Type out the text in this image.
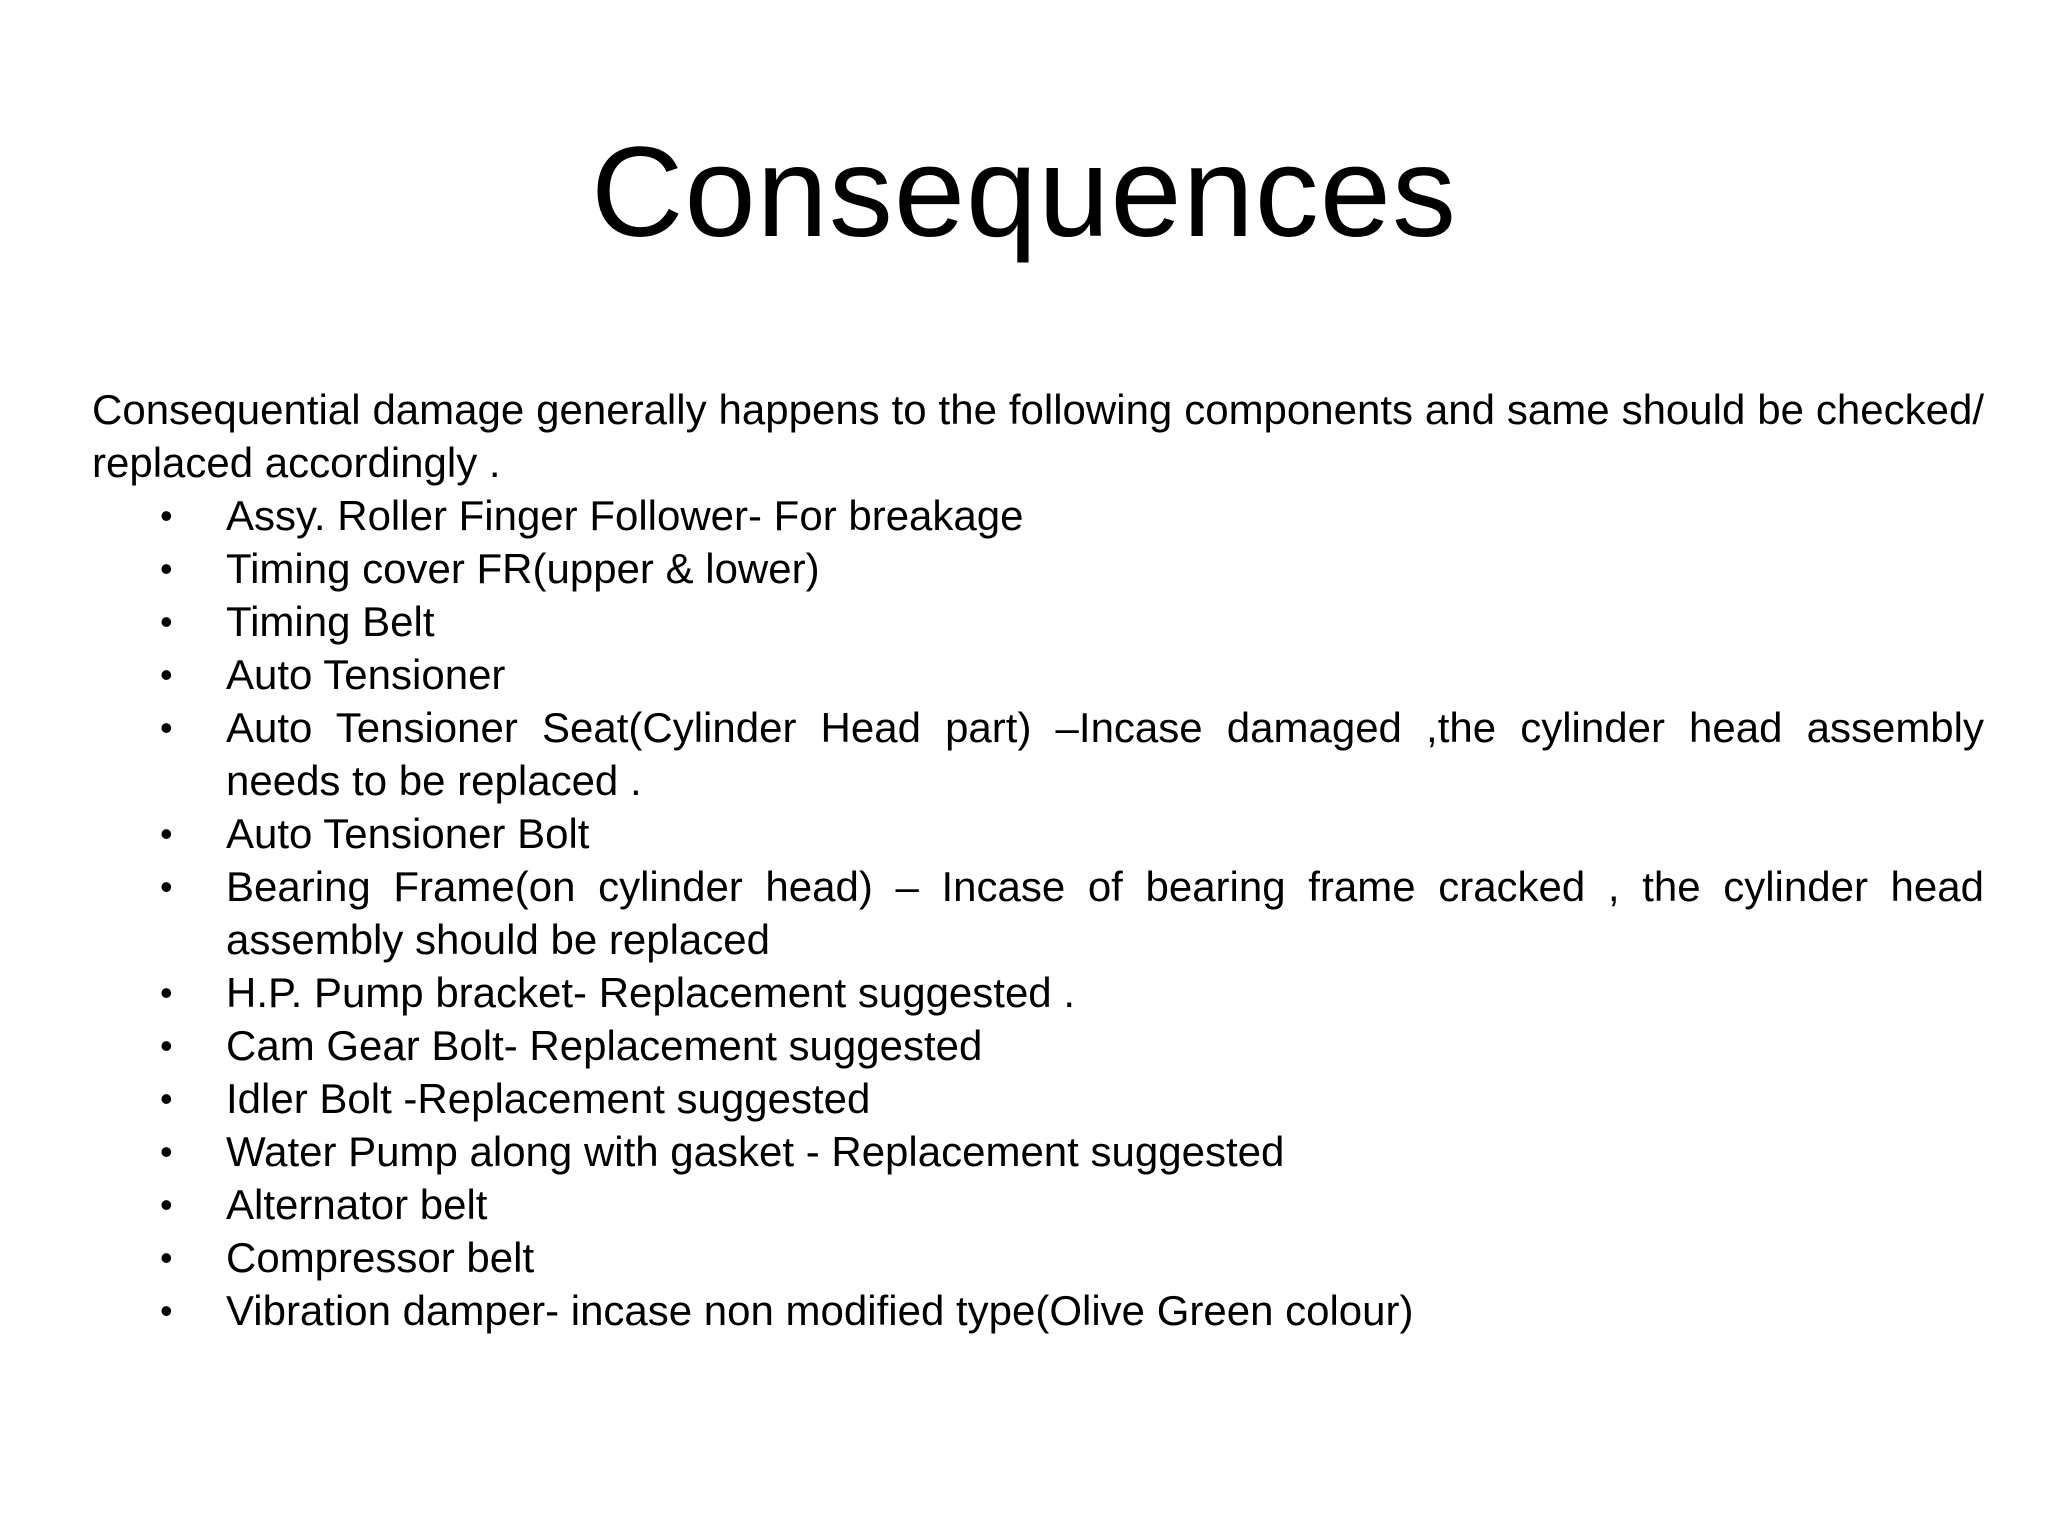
Consequences

Consequential damage generally happens to the following components and same should be checked/ replaced accordingly .

•	Assy. Roller Finger Follower- For breakage
•	Timing cover FR(upper & lower)
•	Timing Belt
•	Auto Tensioner
•	Auto Tensioner Seat(Cylinder Head part) –Incase damaged ,the cylinder head assembly needs to be replaced .
•	Auto Tensioner Bolt
•	Bearing Frame(on cylinder head) – Incase of bearing frame cracked , the cylinder head assembly should be replaced
•	H.P. Pump bracket- Replacement suggested .
•	Cam Gear Bolt- Replacement suggested
•	Idler Bolt -Replacement suggested
•	Water Pump along with gasket - Replacement suggested
•	Alternator belt
•	Compressor belt
•	Vibration damper- incase non modified type(Olive Green colour)
